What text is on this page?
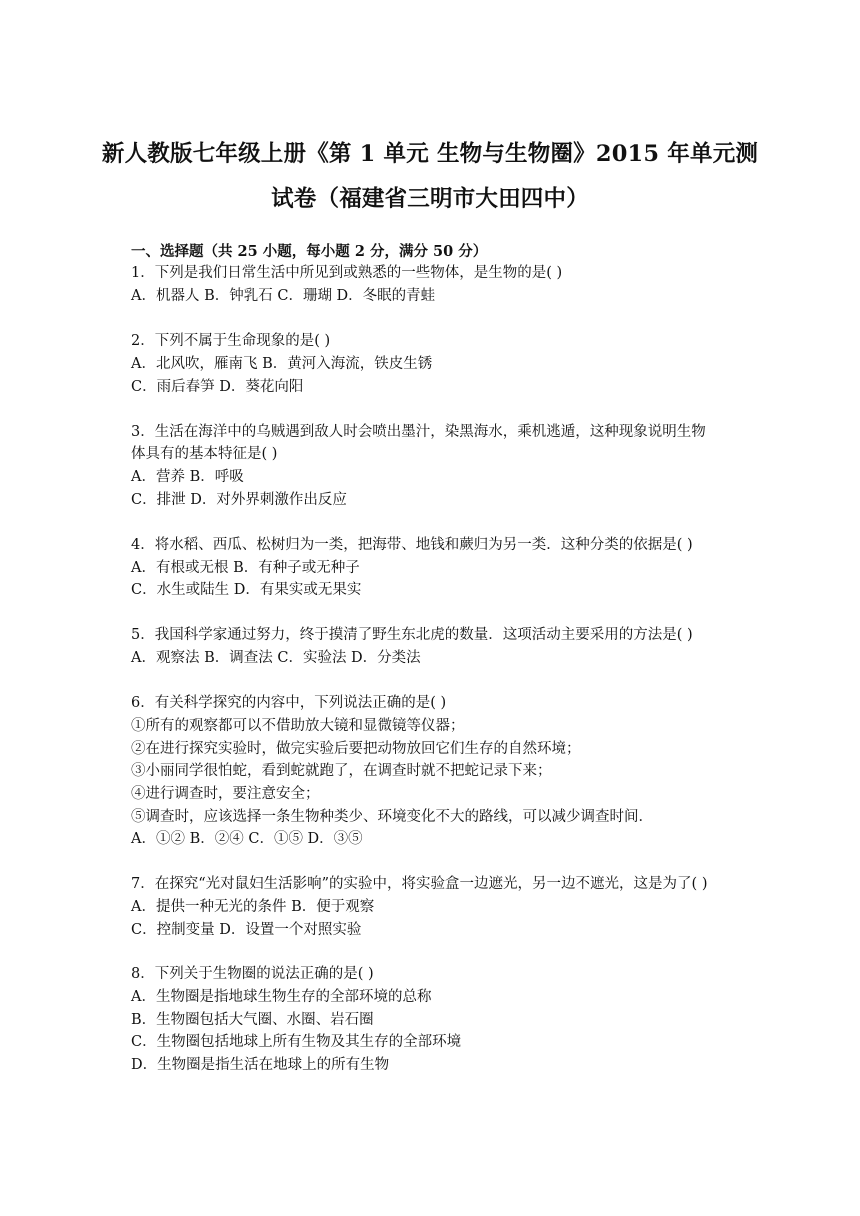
新人教版七年级上册《第 1 单元 生物与生物圈》2015 年单元测
试卷（福建省三明市大田四中）
一、选择题（共 25 小题，每小题 2 分，满分 50 分）
1．下列是我们日常生活中所见到或熟悉的一些物体，是生物的是( )
A．机器人 B．钟乳石 C．珊瑚 D．冬眠的青蛙
2．下列不属于生命现象的是( )
A．北风吹，雁南飞 B．黄河入海流，铁皮生锈
C．雨后春笋 D．葵花向阳
3．生活在海洋中的乌贼遇到敌人时会喷出墨汁，染黑海水，乘机逃遁，这种现象说明生物
体具有的基本特征是( )
A．营养 B．呼吸
C．排泄 D．对外界刺激作出反应
4．将水稻、西瓜、松树归为一类，把海带、地钱和蕨归为另一类．这种分类的依据是( )
A．有根或无根 B．有种子或无种子
C．水生或陆生 D．有果实或无果实
5．我国科学家通过努力，终于摸清了野生东北虎的数量．这项活动主要采用的方法是( )
A．观察法 B．调查法 C．实验法 D．分类法
6．有关科学探究的内容中，下列说法正确的是( )
①所有的观察都可以不借助放大镜和显微镜等仪器；
②在进行探究实验时，做完实验后要把动物放回它们生存的自然环境；
③小丽同学很怕蛇，看到蛇就跑了，在调查时就不把蛇记录下来；
④进行调查时，要注意安全；
⑤调查时，应该选择一条生物种类少、环境变化不大的路线，可以减少调查时间．
A．①② B．②④ C．①⑤ D．③⑤
7．在探究“光对鼠妇生活影响”的实验中，将实验盒一边遮光，另一边不遮光，这是为了( )
A．提供一种无光的条件 B．便于观察
C．控制变量 D．设置一个对照实验
8．下列关于生物圈的说法正确的是( )
A．生物圈是指地球生物生存的全部环境的总称
B．生物圈包括大气圈、水圈、岩石圈
C．生物圈包括地球上所有生物及其生存的全部环境
D．生物圈是指生活在地球上的所有生物
